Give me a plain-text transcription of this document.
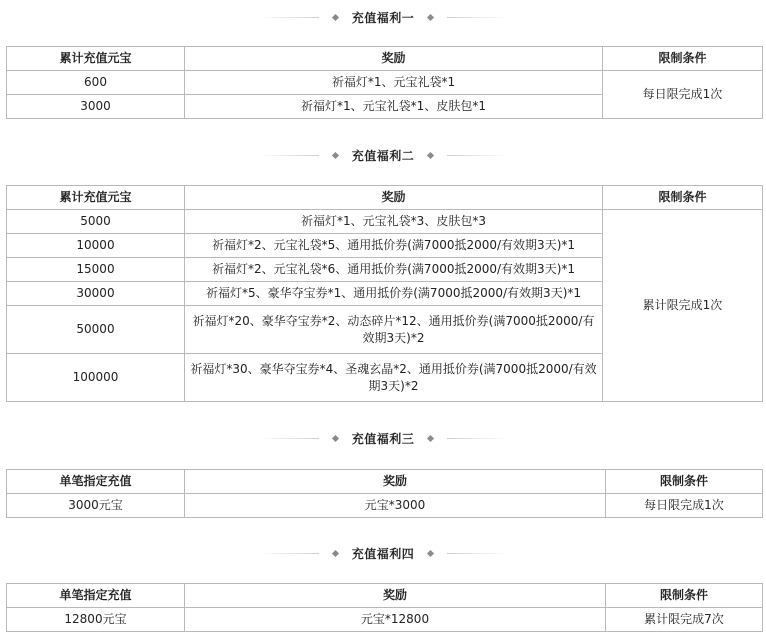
充值福利一
累计充值元宝	奖励	限制条件
600	祈福灯*1、元宝礼袋*1	每日限完成1次
3000	祈福灯*1、元宝礼袋*1、皮肤包*1	
充值福利二
累计充值元宝	奖励	限制条件
5000	祈福灯*1、元宝礼袋*3、皮肤包*3	累计限完成1次
10000	祈福灯*2、元宝礼袋*5、通用抵价券(满7000抵2000/有效期3天)*1	
15000	祈福灯*2、元宝礼袋*6、通用抵价券(满7000抵2000/有效期3天)*1	
30000	祈福灯*5、豪华夺宝券*1、通用抵价券(满7000抵2000/有效期3天)*1	
50000	祈福灯*20、豪华夺宝券*2、动态碎片*12、通用抵价券(满7000抵2000/有效期3天)*2	
100000	祈福灯*30、豪华夺宝券*4、圣魂玄晶*2、通用抵价券(满7000抵2000/有效期3天)*2	
充值福利三
单笔指定充值	奖励	限制条件
3000元宝	元宝*3000	每日限完成1次
充值福利四
单笔指定充值	奖励	限制条件
12800元宝	元宝*12800	累计限完成7次
